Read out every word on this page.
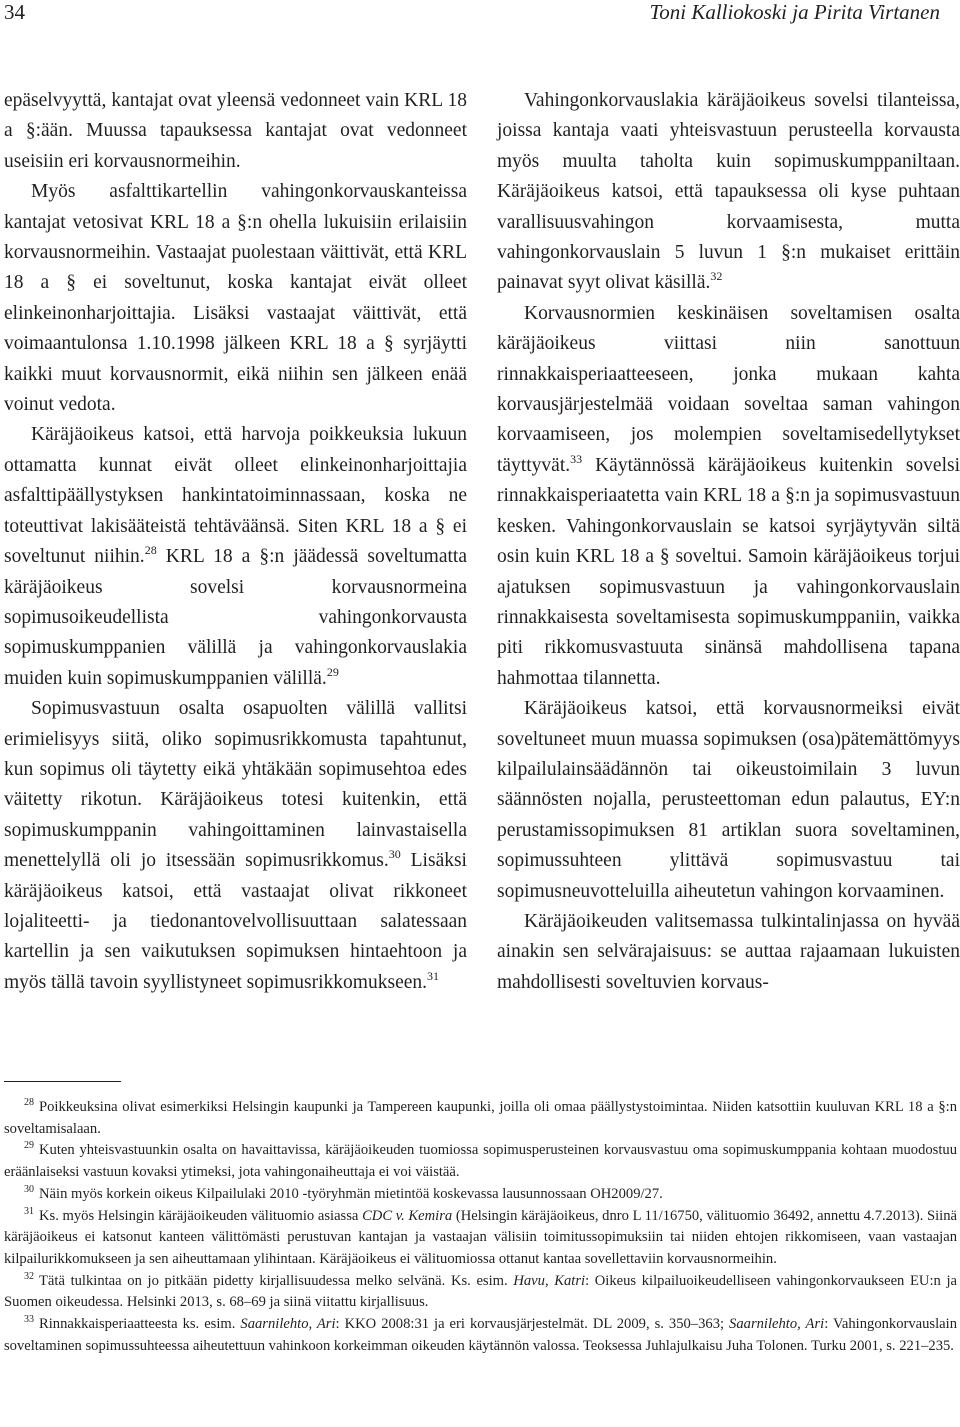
34	Toni Kalliokoski ja Pirita Virtanen

epäselvyyttä, kantajat ovat yleensä vedonneet vain KRL 18 a §:ään. Muussa tapauksessa kantajat ovat vedonneet useisiin eri korvausnormeihin.

Myös asfalttikartellin vahingonkorvauskanteissa kantajat vetosivat KRL 18 a §:n ohella lukuisiin erilaisiin korvausnormeihin. Vastaajat puolestaan väittivät, että KRL 18 a § ei soveltunut, koska kantajat eivät olleet elinkeinonharjoittajia. Lisäksi vastaajat väittivät, että voimaantulonsa 1.10.1998 jälkeen KRL 18 a § syrjäytti kaikki muut korvausnormit, eikä niihin sen jälkeen enää voinut vedota.

Käräjäoikeus katsoi, että harvoja poikkeuksia lukuun ottamatta kunnat eivät olleet elinkeinonharjoittajia asfalttipäällystyksen hankintatoiminnassaan, koska ne toteuttivat lakisääteistä tehtäväänsä. Siten KRL 18 a § ei soveltunut niihin.$^{28}$ KRL 18 a §:n jäädessä soveltumatta käräjäoikeus sovelsi korvausnormeina sopimusoikeudellista vahingonkorvausta sopimuskumppanien välillä ja vahingonkorvauslakia muiden kuin sopimuskumppanien välillä.$^{29}$

Sopimusvastuun osalta osapuolten välillä vallitsi erimielisyys siitä, oliko sopimusrikkomusta tapahtunut, kun sopimus oli täytetty eikä yhtäkään sopimusehtoa edes väitetty rikotun. Käräjäoikeus totesi kuitenkin, että sopimuskumppanin vahingoittaminen lainvastaisella menettelyllä oli jo itsessään sopimusrikkomus.$^{30}$ Lisäksi käräjäoikeus katsoi, että vastaajat olivat rikkoneet lojaliteetti- ja tiedonantovelvollisuuttaan salatessaan kartellin ja sen vaikutuksen sopimuksen hintaehtoon ja myös tällä tavoin syyllistyneet sopimusrikkomukseen.$^{31}$

Vahingonkorvauslakia käräjäoikeus sovelsi tilanteissa, joissa kantaja vaati yhteisvastuun perusteella korvausta myös muulta taholta kuin sopimuskumppaniltaan. Käräjäoikeus katsoi, että tapauksessa oli kyse puhtaan varallisuusvahingon korvaamisesta, mutta vahingonkorvauslain 5 luvun 1 §:n mukaiset erittäin painavat syyt olivat käsillä.$^{32}$

Korvausnormien keskinäisen soveltamisen osalta käräjäoikeus viittasi niin sanottuun rinnakkaisperiaatteeseen, jonka mukaan kahta korvausjärjestelmää voidaan soveltaa saman vahingon korvaamiseen, jos molempien soveltamisedellytykset täyttyvät.$^{33}$ Käytännössä käräjäoikeus kuitenkin sovelsi rinnakkaisperiaatetta vain KRL 18 a §:n ja sopimusvastuun kesken. Vahingonkorvauslain se katsoi syrjäytyvän siltä osin kuin KRL 18 a § soveltui. Samoin käräjäoikeus torjui ajatuksen sopimusvastuun ja vahingonkorvauslain rinnakkaisesta soveltamisesta sopimuskumppaniin, vaikka piti rikkomusvastuuta sinänsä mahdollisena tapana hahmottaa tilannetta.

Käräjäoikeus katsoi, että korvausnormeiksi eivät soveltuneet muun muassa sopimuksen (osa)pätemättömyys kilpailulainsäädännön tai oikeustoimilain 3 luvun säännösten nojalla, perusteettoman edun palautus, EY:n perustamissopimuksen 81 artiklan suora soveltaminen, sopimussuhteen ylittävä sopimusvastuu tai sopimusneuvotteluilla aiheutetun vahingon korvaaminen.

Käräjäoikeuden valitsemassa tulkintalinjassa on hyvää ainakin sen selvärajaisuus: se auttaa rajaamaan lukuisten mahdollisesti soveltuvien korvaus-

$^{28}$ Poikkeuksina olivat esimerkiksi Helsingin kaupunki ja Tampereen kaupunki, joilla oli omaa päällystystoimintaa. Niiden katsottiin kuuluvan KRL 18 a §:n soveltamisalaan.

$^{29}$ Kuten yhteisvastuunkin osalta on havaittavissa, käräjäoikeuden tuomiossa sopimusperusteinen korvausvastuu oma sopimuskumppania kohtaan muodostuu eräänlaiseksi vastuun kovaksi ytimeksi, jota vahingonaiheuttaja ei voi väistää.

$^{30}$ Näin myös korkein oikeus Kilpailulaki 2010 -työryhmän mietintöä koskevassa lausunnossaan OH2009/27.

$^{31}$ Ks. myös Helsingin käräjäoikeuden välituomio asiassa CDC v. Kemira (Helsingin käräjäoikeus, dnro L 11/16750, välituomio 36492, annettu 4.7.2013). Siinä käräjäoikeus ei katsonut kanteen välittömästi perustuvan kantajan ja vastaajan välisiin toimitussopimuksiin tai niiden ehtojen rikkomiseen, vaan vastaajan kilpailurikkomukseen ja sen aiheuttamaan ylihintaan. Käräjäoikeus ei välituomiossa ottanut kantaa sovellettaviin korvausnormeihin.

$^{32}$ Tätä tulkintaa on jo pitkään pidetty kirjallisuudessa melko selvänä. Ks. esim. Havu, Katri: Oikeus kilpailuoikeudelliseen vahingonkorvaukseen EU:n ja Suomen oikeudessa. Helsinki 2013, s. 68–69 ja siinä viitattu kirjallisuus.

$^{33}$ Rinnakkaisperiaatteesta ks. esim. Saarnilehto, Ari: KKO 2008:31 ja eri korvausjärjestelmät. DL 2009, s. 350–363; Saarnilehto, Ari: Vahingonkorvauslain soveltaminen sopimussuhteessa aiheutettuun vahinkoon korkeimman oikeuden käytännön valossa. Teoksessa Juhlajulkaisu Juha Tolonen. Turku 2001, s. 221–235.
